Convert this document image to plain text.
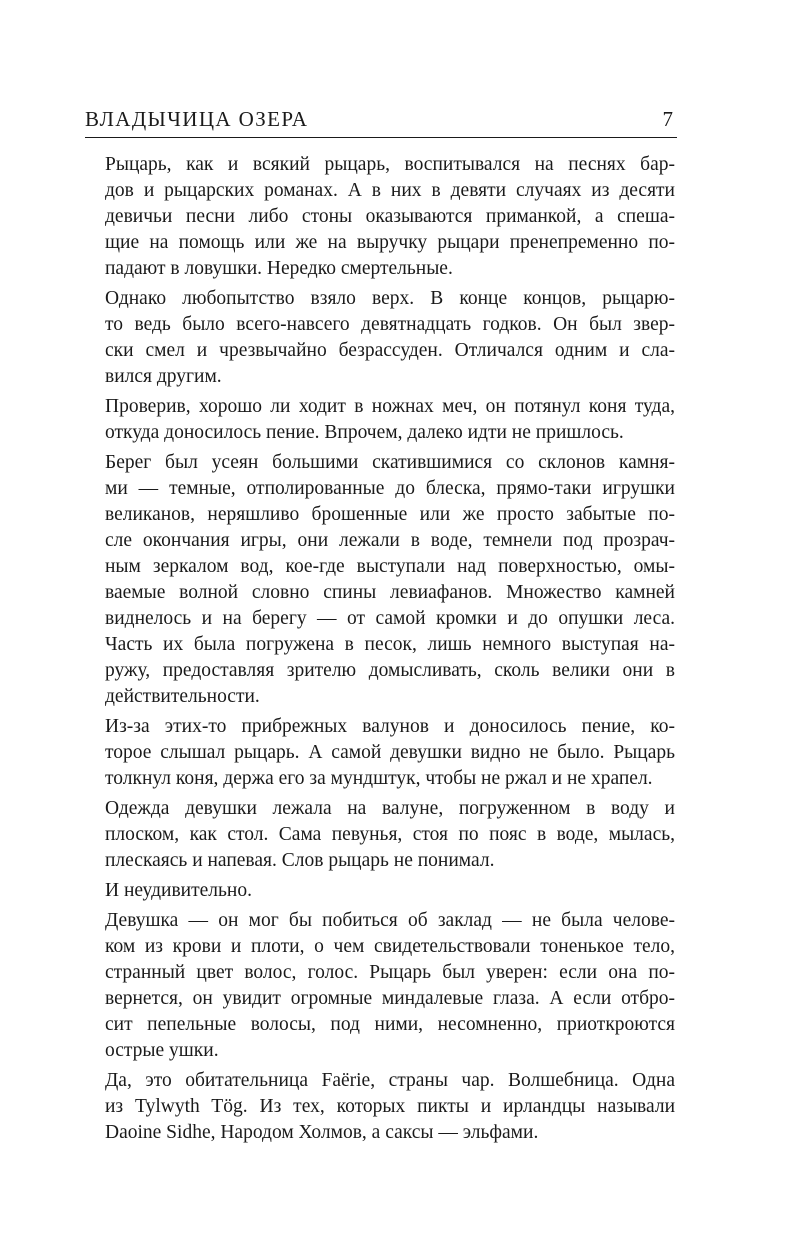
ВЛАДЫЧИЦА ОЗЕРА	7
Рыцарь, как и всякий рыцарь, воспитывался на песнях бар-
дов и рыцарских романах. А в них в девяти случаях из десяти
девичьи песни либо стоны оказываются приманкой, а спеша-
щие на помощь или же на выручку рыцари пренепременно по-
падают в ловушки. Нередко смертельные.
Однако любопытство взяло верх. В конце концов, рыцарю-
то ведь было всего-навсего девятнадцать годков. Он был звер-
ски смел и чрезвычайно безрассуден. Отличался одним и сла-
вился другим.
Проверив, хорошо ли ходит в ножнах меч, он потянул коня туда,
откуда доносилось пение. Впрочем, далеко идти не пришлось.
Берег был усеян большими скатившимися со склонов камня-
ми — темные, отполированные до блеска, прямо-таки игрушки
великанов, неряшливо брошенные или же просто забытые по-
сле окончания игры, они лежали в воде, темнели под прозрач-
ным зеркалом вод, кое-где выступали над поверхностью, омы-
ваемые волной словно спины левиафанов. Множество камней
виднелось и на берегу — от самой кромки и до опушки леса.
Часть их была погружена в песок, лишь немного выступая на-
ружу, предоставляя зрителю домысливать, сколь велики они в
действительности.
Из-за этих-то прибрежных валунов и доносилось пение, ко-
торое слышал рыцарь. А самой девушки видно не было. Рыцарь
толкнул коня, держа его за мундштук, чтобы не ржал и не храпел.
Одежда девушки лежала на валуне, погруженном в воду и
плоском, как стол. Сама певунья, стоя по пояс в воде, мылась,
плескаясь и напевая. Слов рыцарь не понимал.
И неудивительно.
Девушка — он мог бы побиться об заклад — не была челове-
ком из крови и плоти, о чем свидетельствовали тоненькое тело,
странный цвет волос, голос. Рыцарь был уверен: если она по-
вернется, он увидит огромные миндалевые глаза. А если отбро-
сит пепельные волосы, под ними, несомненно, приоткроются
острые ушки.
Да, это обитательница Faёrie, страны чар. Волшебница. Одна
из Tylwyth Tög. Из тех, которых пикты и ирландцы называли
Daoine Sidhe, Народом Холмов, а саксы — эльфами.
